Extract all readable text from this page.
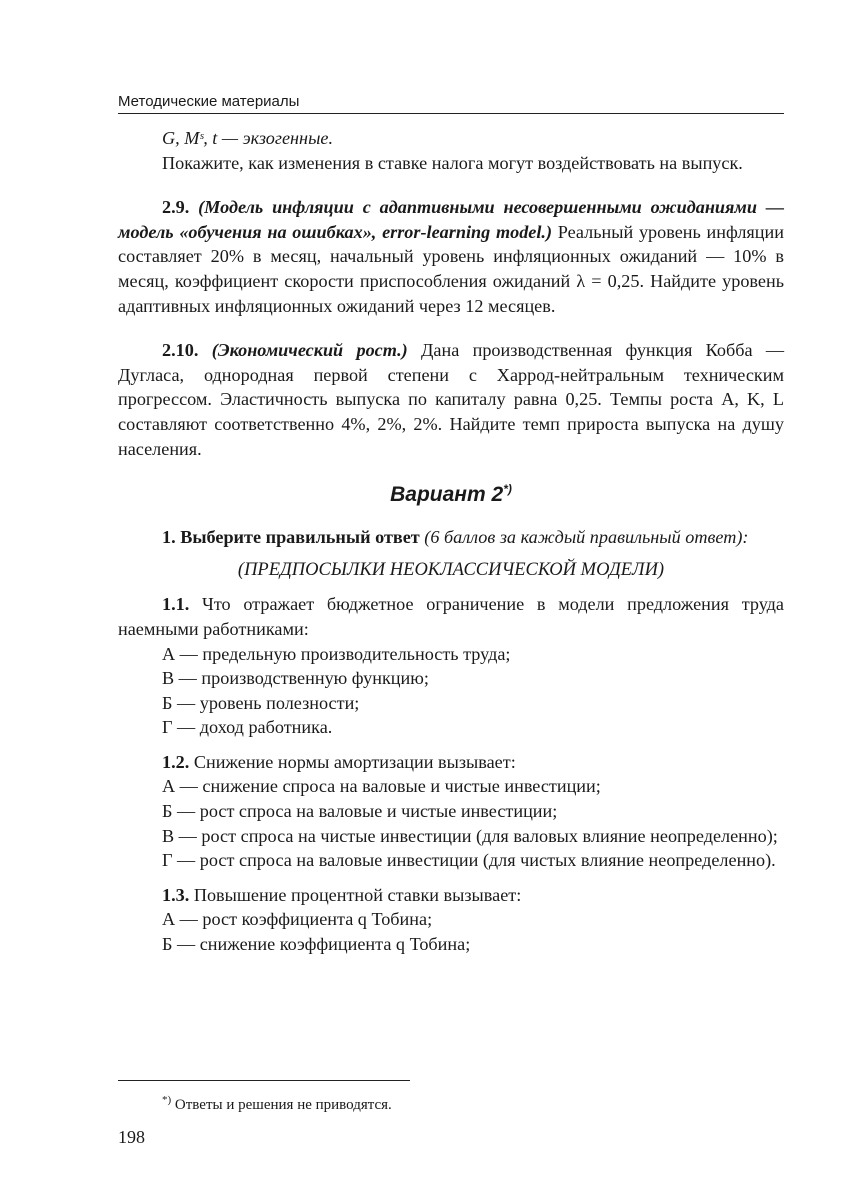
Методические материалы

G, Mˢ, t — экзогенные.

Покажите, как изменения в ставке налога могут воздействовать на выпуск.

2.9. (Модель инфляции с адаптивными несовершенными ожиданиями — модель «обучения на ошибках», error-learning model.) Реальный уровень инфляции составляет 20% в месяц, начальный уровень инфляционных ожиданий — 10% в месяц, коэффициент скорости приспособления ожиданий λ = 0,25. Найдите уровень адаптивных инфляционных ожиданий через 12 месяцев.

2.10. (Экономический рост.) Дана производственная функция Кобба — Дугласа, однородная первой степени с Харрод-нейтральным техническим прогрессом. Эластичность выпуска по капиталу равна 0,25. Темпы роста A, K, L составляют соответственно 4%, 2%, 2%. Найдите темп прироста выпуска на душу населения.

Вариант 2*)

1. Выберите правильный ответ (6 баллов за каждый правильный ответ):

(ПРЕДПОСЫЛКИ НЕОКЛАССИЧЕСКОЙ МОДЕЛИ)

1.1. Что отражает бюджетное ограничение в модели предложения труда наемными работниками:

А — предельную производительность труда;

В — производственную функцию;

Б — уровень полезности;

Г — доход работника.

1.2. Снижение нормы амортизации вызывает:

А — снижение спроса на валовые и чистые инвестиции;

Б — рост спроса на валовые и чистые инвестиции;

В — рост спроса на чистые инвестиции (для валовых влияние неопределенно);

Г — рост спроса на валовые инвестиции (для чистых влияние неопределенно).

1.3. Повышение процентной ставки вызывает:

А — рост коэффициента q Тобина;

Б — снижение коэффициента q Тобина;

*) Ответы и решения не приводятся.
198
